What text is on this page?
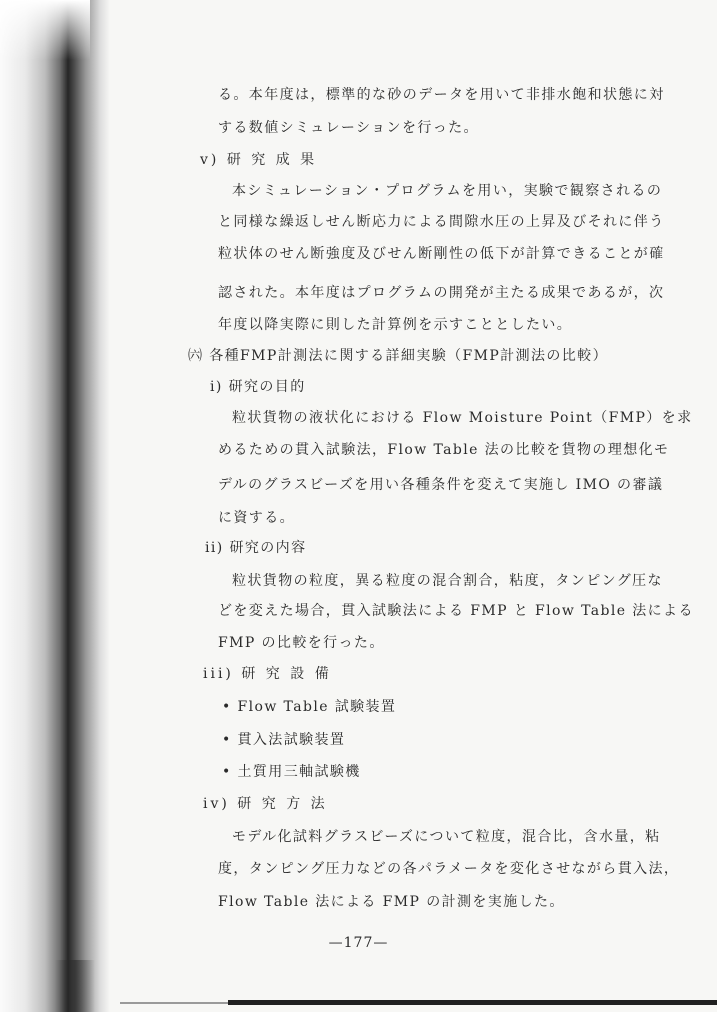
る。本年度は，標準的な砂のデータを用いて非排水飽和状態に対
する数値シミュレーションを行った。
v) 研 究 成 果
本シミュレーション・プログラムを用い，実験で観察されるの
と同様な繰返しせん断応力による間隙水圧の上昇及びそれに伴う
粒状体のせん断強度及びせん断剛性の低下が計算できることが確
認された。本年度はプログラムの開発が主たる成果であるが，次
年度以降実際に則した計算例を示すこととしたい。
㈥ 各種FMP計測法に関する詳細実験（FMP計測法の比較）
i) 研究の目的
粒状貨物の液状化における Flow Moisture Point（FMP）を求
めるための貫入試験法，Flow Table 法の比較を貨物の理想化モ
デルのグラスビーズを用い各種条件を変えて実施し IMO の審議
に資する。
ii) 研究の内容
粒状貨物の粒度，異る粒度の混合割合，粘度，タンピング圧な
どを変えた場合，貫入試験法による FMP と Flow Table 法による
FMP の比較を行った。
iii) 研 究 設 備
• Flow Table 試験装置
• 貫入法試験装置
• 土質用三軸試験機
iv) 研 究 方 法
モデル化試料グラスビーズについて粒度，混合比，含水量，粘
度，タンピング圧力などの各パラメータを変化させながら貫入法，
Flow Table 法による FMP の計測を実施した。
—177—
